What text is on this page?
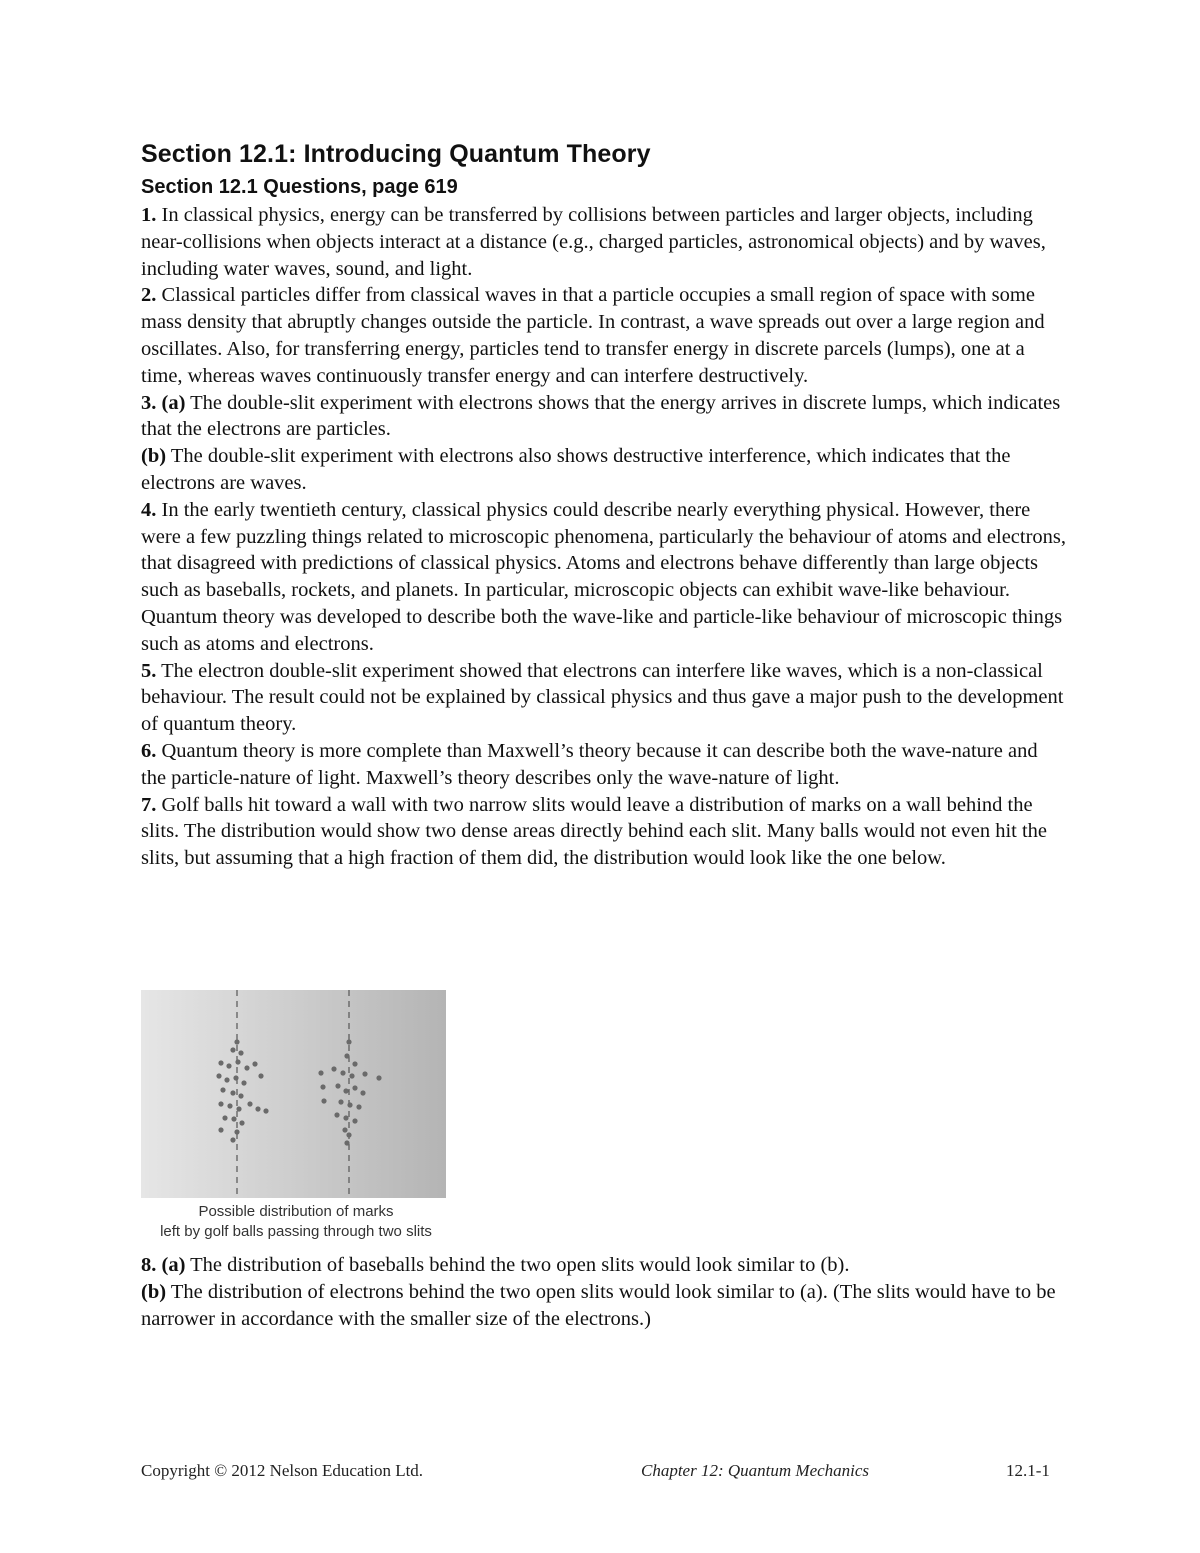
Section 12.1: Introducing Quantum Theory
Section 12.1 Questions, page 619

1. In classical physics, energy can be transferred by collisions between particles and larger objects, including near-collisions when objects interact at a distance (e.g., charged particles, astronomical objects) and by waves, including water waves, sound, and light.

2. Classical particles differ from classical waves in that a particle occupies a small region of space with some mass density that abruptly changes outside the particle. In contrast, a wave spreads out over a large region and oscillates. Also, for transferring energy, particles tend to transfer energy in discrete parcels (lumps), one at a time, whereas waves continuously transfer energy and can interfere destructively.

3. (a) The double-slit experiment with electrons shows that the energy arrives in discrete lumps, which indicates that the electrons are particles.

(b) The double-slit experiment with electrons also shows destructive interference, which indicates that the electrons are waves.

4. In the early twentieth century, classical physics could describe nearly everything physical. However, there were a few puzzling things related to microscopic phenomena, particularly the behaviour of atoms and electrons, that disagreed with predictions of classical physics. Atoms and electrons behave differently than large objects such as baseballs, rockets, and planets. In particular, microscopic objects can exhibit wave-like behaviour. Quantum theory was developed to describe both the wave-like and particle-like behaviour of microscopic things such as atoms and electrons.

5. The electron double-slit experiment showed that electrons can interfere like waves, which is a non-classical behaviour. The result could not be explained by classical physics and thus gave a major push to the development of quantum theory.

6. Quantum theory is more complete than Maxwell’s theory because it can describe both the wave-nature and the particle-nature of light. Maxwell’s theory describes only the wave-nature of light.

7. Golf balls hit toward a wall with two narrow slits would leave a distribution of marks on a wall behind the slits. The distribution would show two dense areas directly behind each slit. Many balls would not even hit the slits, but assuming that a high fraction of them did, the distribution would look like the one below.

Possible distribution of marks
left by golf balls passing through two slits

8. (a) The distribution of baseballs behind the two open slits would look similar to (b).

(b) The distribution of electrons behind the two open slits would look similar to (a). (The slits would have to be narrower in accordance with the smaller size of the electrons.)

Copyright © 2012 Nelson Education Ltd.	Chapter 12: Quantum Mechanics	12.1-1
